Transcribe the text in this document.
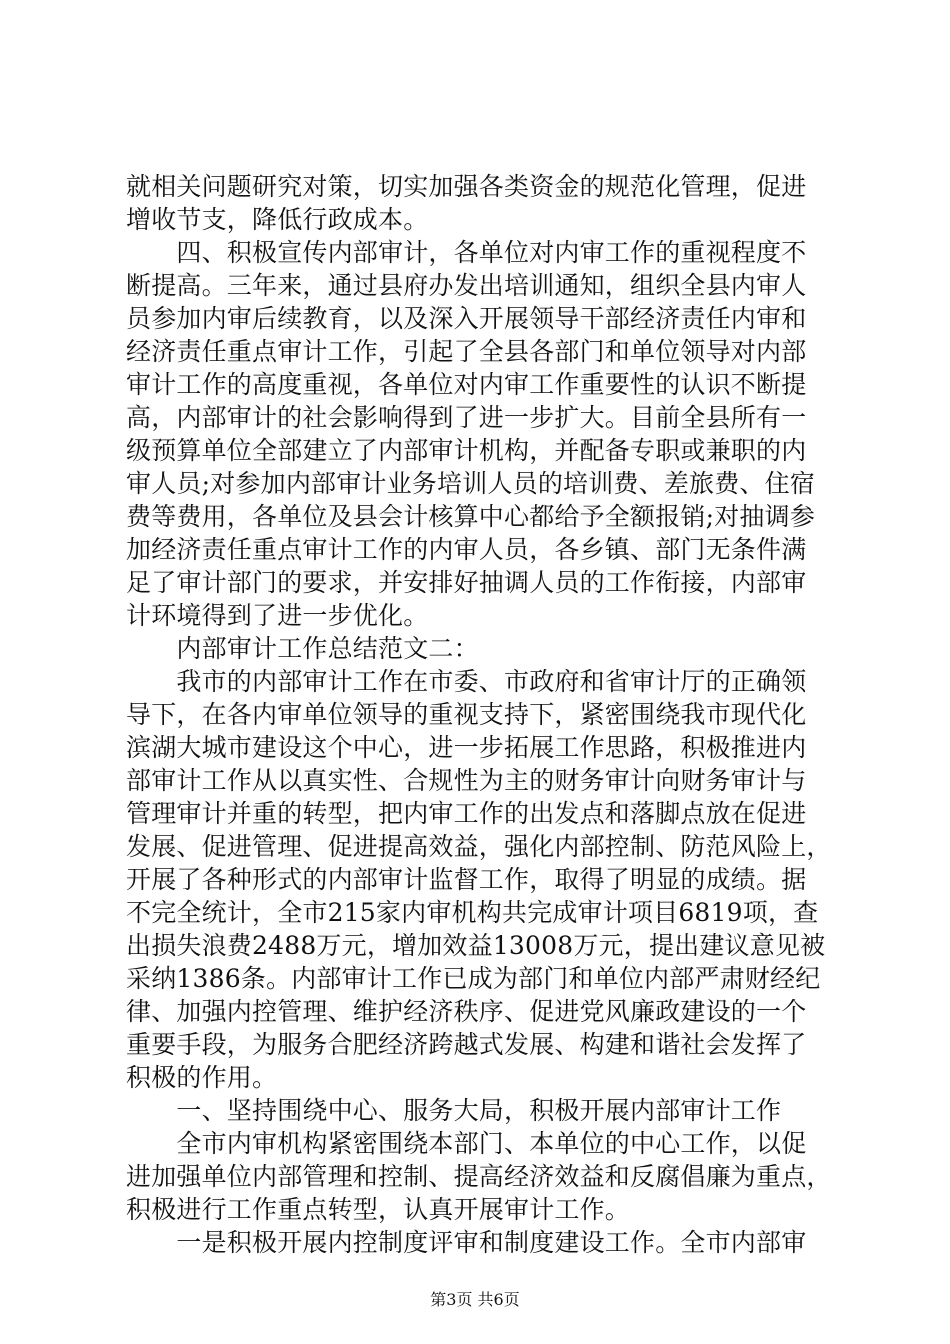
就相关问题研究对策，切实加强各类资金的规范化管理，促进
增收节支，降低行政成本。
　　四、积极宣传内部审计，各单位对内审工作的重视程度不
断提高。三年来，通过县府办发出培训通知，组织全县内审人
员参加内审后续教育，以及深入开展领导干部经济责任内审和
经济责任重点审计工作，引起了全县各部门和单位领导对内部
审计工作的高度重视，各单位对内审工作重要性的认识不断提
高，内部审计的社会影响得到了进一步扩大。目前全县所有一
级预算单位全部建立了内部审计机构，并配备专职或兼职的内
审人员;对参加内部审计业务培训人员的培训费、差旅费、住宿
费等费用，各单位及县会计核算中心都给予全额报销;对抽调参
加经济责任重点审计工作的内审人员，各乡镇、部门无条件满
足了审计部门的要求，并安排好抽调人员的工作衔接，内部审
计环境得到了进一步优化。
　　内部审计工作总结范文二：
　　我市的内部审计工作在市委、市政府和省审计厅的正确领
导下，在各内审单位领导的重视支持下，紧密围绕我市现代化
滨湖大城市建设这个中心，进一步拓展工作思路，积极推进内
部审计工作从以真实性、合规性为主的财务审计向财务审计与
管理审计并重的转型，把内审工作的出发点和落脚点放在促进
发展、促进管理、促进提高效益，强化内部控制、防范风险上，
开展了各种形式的内部审计监督工作，取得了明显的成绩。据
不完全统计，全市215家内审机构共完成审计项目6819项，查
出损失浪费2488万元，增加效益13008万元，提出建议意见被
采纳1386条。内部审计工作已成为部门和单位内部严肃财经纪
律、加强内控管理、维护经济秩序、促进党风廉政建设的一个
重要手段，为服务合肥经济跨越式发展、构建和谐社会发挥了
积极的作用。
　　一、坚持围绕中心、服务大局，积极开展内部审计工作
　　全市内审机构紧密围绕本部门、本单位的中心工作，以促
进加强单位内部管理和控制、提高经济效益和反腐倡廉为重点，
积极进行工作重点转型，认真开展审计工作。
　　一是积极开展内控制度评审和制度建设工作。全市内部审
第3页 共6页
